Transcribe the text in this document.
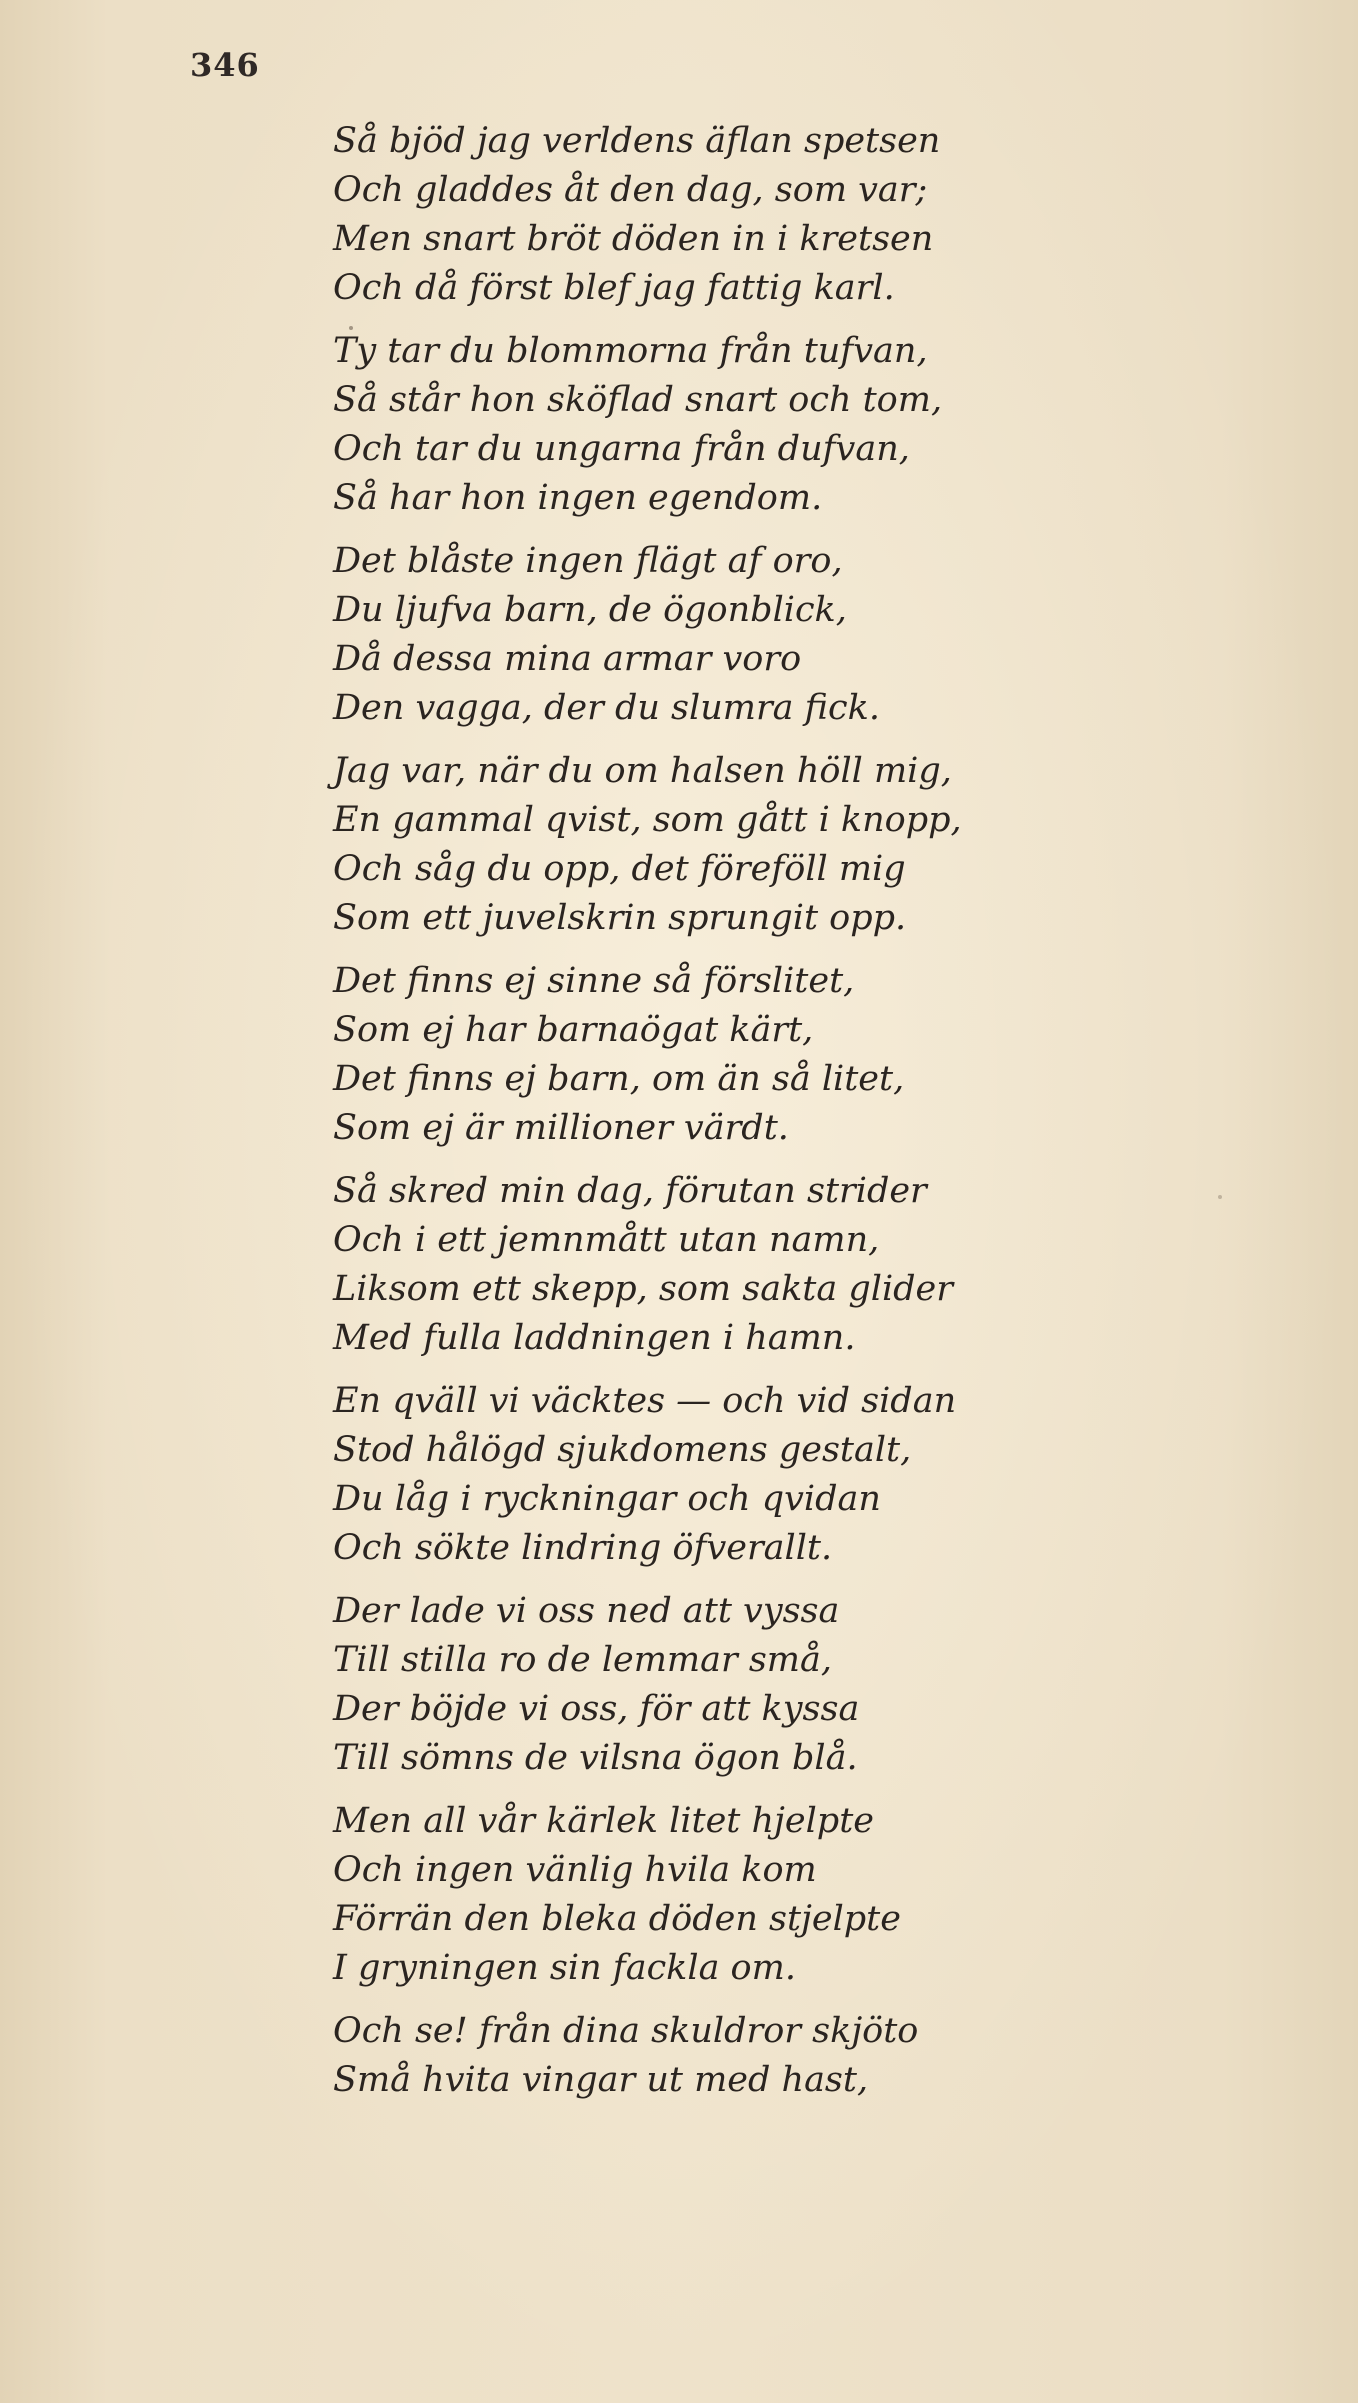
346
Så bjöd jag verldens äflan spetsen
Och gladdes åt den dag, som var;
Men snart bröt döden in i kretsen
Och då först blef jag fattig karl.
Ty tar du blommorna från tufvan,
Så står hon sköflad snart och tom,
Och tar du ungarna från dufvan,
Så har hon ingen egendom.
Det blåste ingen flägt af oro,
Du ljufva barn, de ögonblick,
Då dessa mina armar voro
Den vagga, der du slumra fick.
Jag var, när du om halsen höll mig,
En gammal qvist, som gått i knopp,
Och såg du opp, det föreföll mig
Som ett juvelskrin sprungit opp.
Det finns ej sinne så förslitet,
Som ej har barnaögat kärt,
Det finns ej barn, om än så litet,
Som ej är millioner värdt.
Så skred min dag, förutan strider
Och i ett jemnmått utan namn,
Liksom ett skepp, som sakta glider
Med fulla laddningen i hamn.
En qväll vi väcktes — och vid sidan
Stod hålögd sjukdomens gestalt,
Du låg i ryckningar och qvidan
Och sökte lindring öfverallt.
Der lade vi oss ned att vyssa
Till stilla ro de lemmar små,
Der böjde vi oss, för att kyssa
Till sömns de vilsna ögon blå.
Men all vår kärlek litet hjelpte
Och ingen vänlig hvila kom
Förrän den bleka döden stjelpte
I gryningen sin fackla om.
Och se! från dina skuldror skjöto
Små hvita vingar ut med hast,
